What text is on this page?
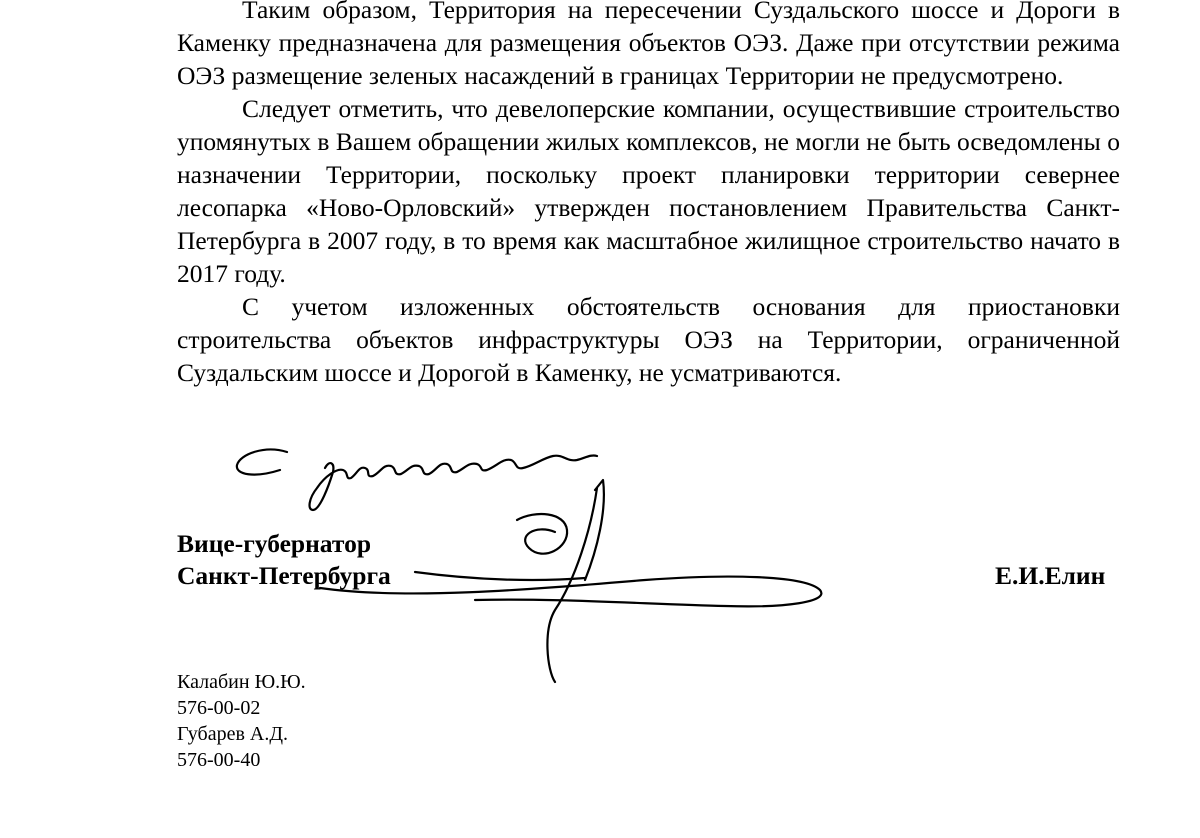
Таким образом, Территория на пересечении Суздальского шоссе и Дороги в Каменку предназначена для размещения объектов ОЭЗ. Даже при отсутствии режима ОЭЗ размещение зеленых насаждений в границах Территории не предусмотрено.

Следует отметить, что девелоперские компании, осуществившие строительство упомянутых в Вашем обращении жилых комплексов, не могли не быть осведомлены о назначении Территории, поскольку проект планировки территории севернее лесопарка «Ново-Орловский» утвержден постановлением Правительства Санкт-Петербурга в 2007 году, в то время как масштабное жилищное строительство начато в 2017 году.

С учетом изложенных обстоятельств основания для приостановки строительства объектов инфраструктуры ОЭЗ на Территории, ограниченной Суздальским шоссе и Дорогой в Каменку, не усматриваются.

Вице-губернатор
Санкт-Петербурга	Е.И.Елин
Калабин Ю.Ю.
576-00-02
Губарев А.Д.
576-00-40
